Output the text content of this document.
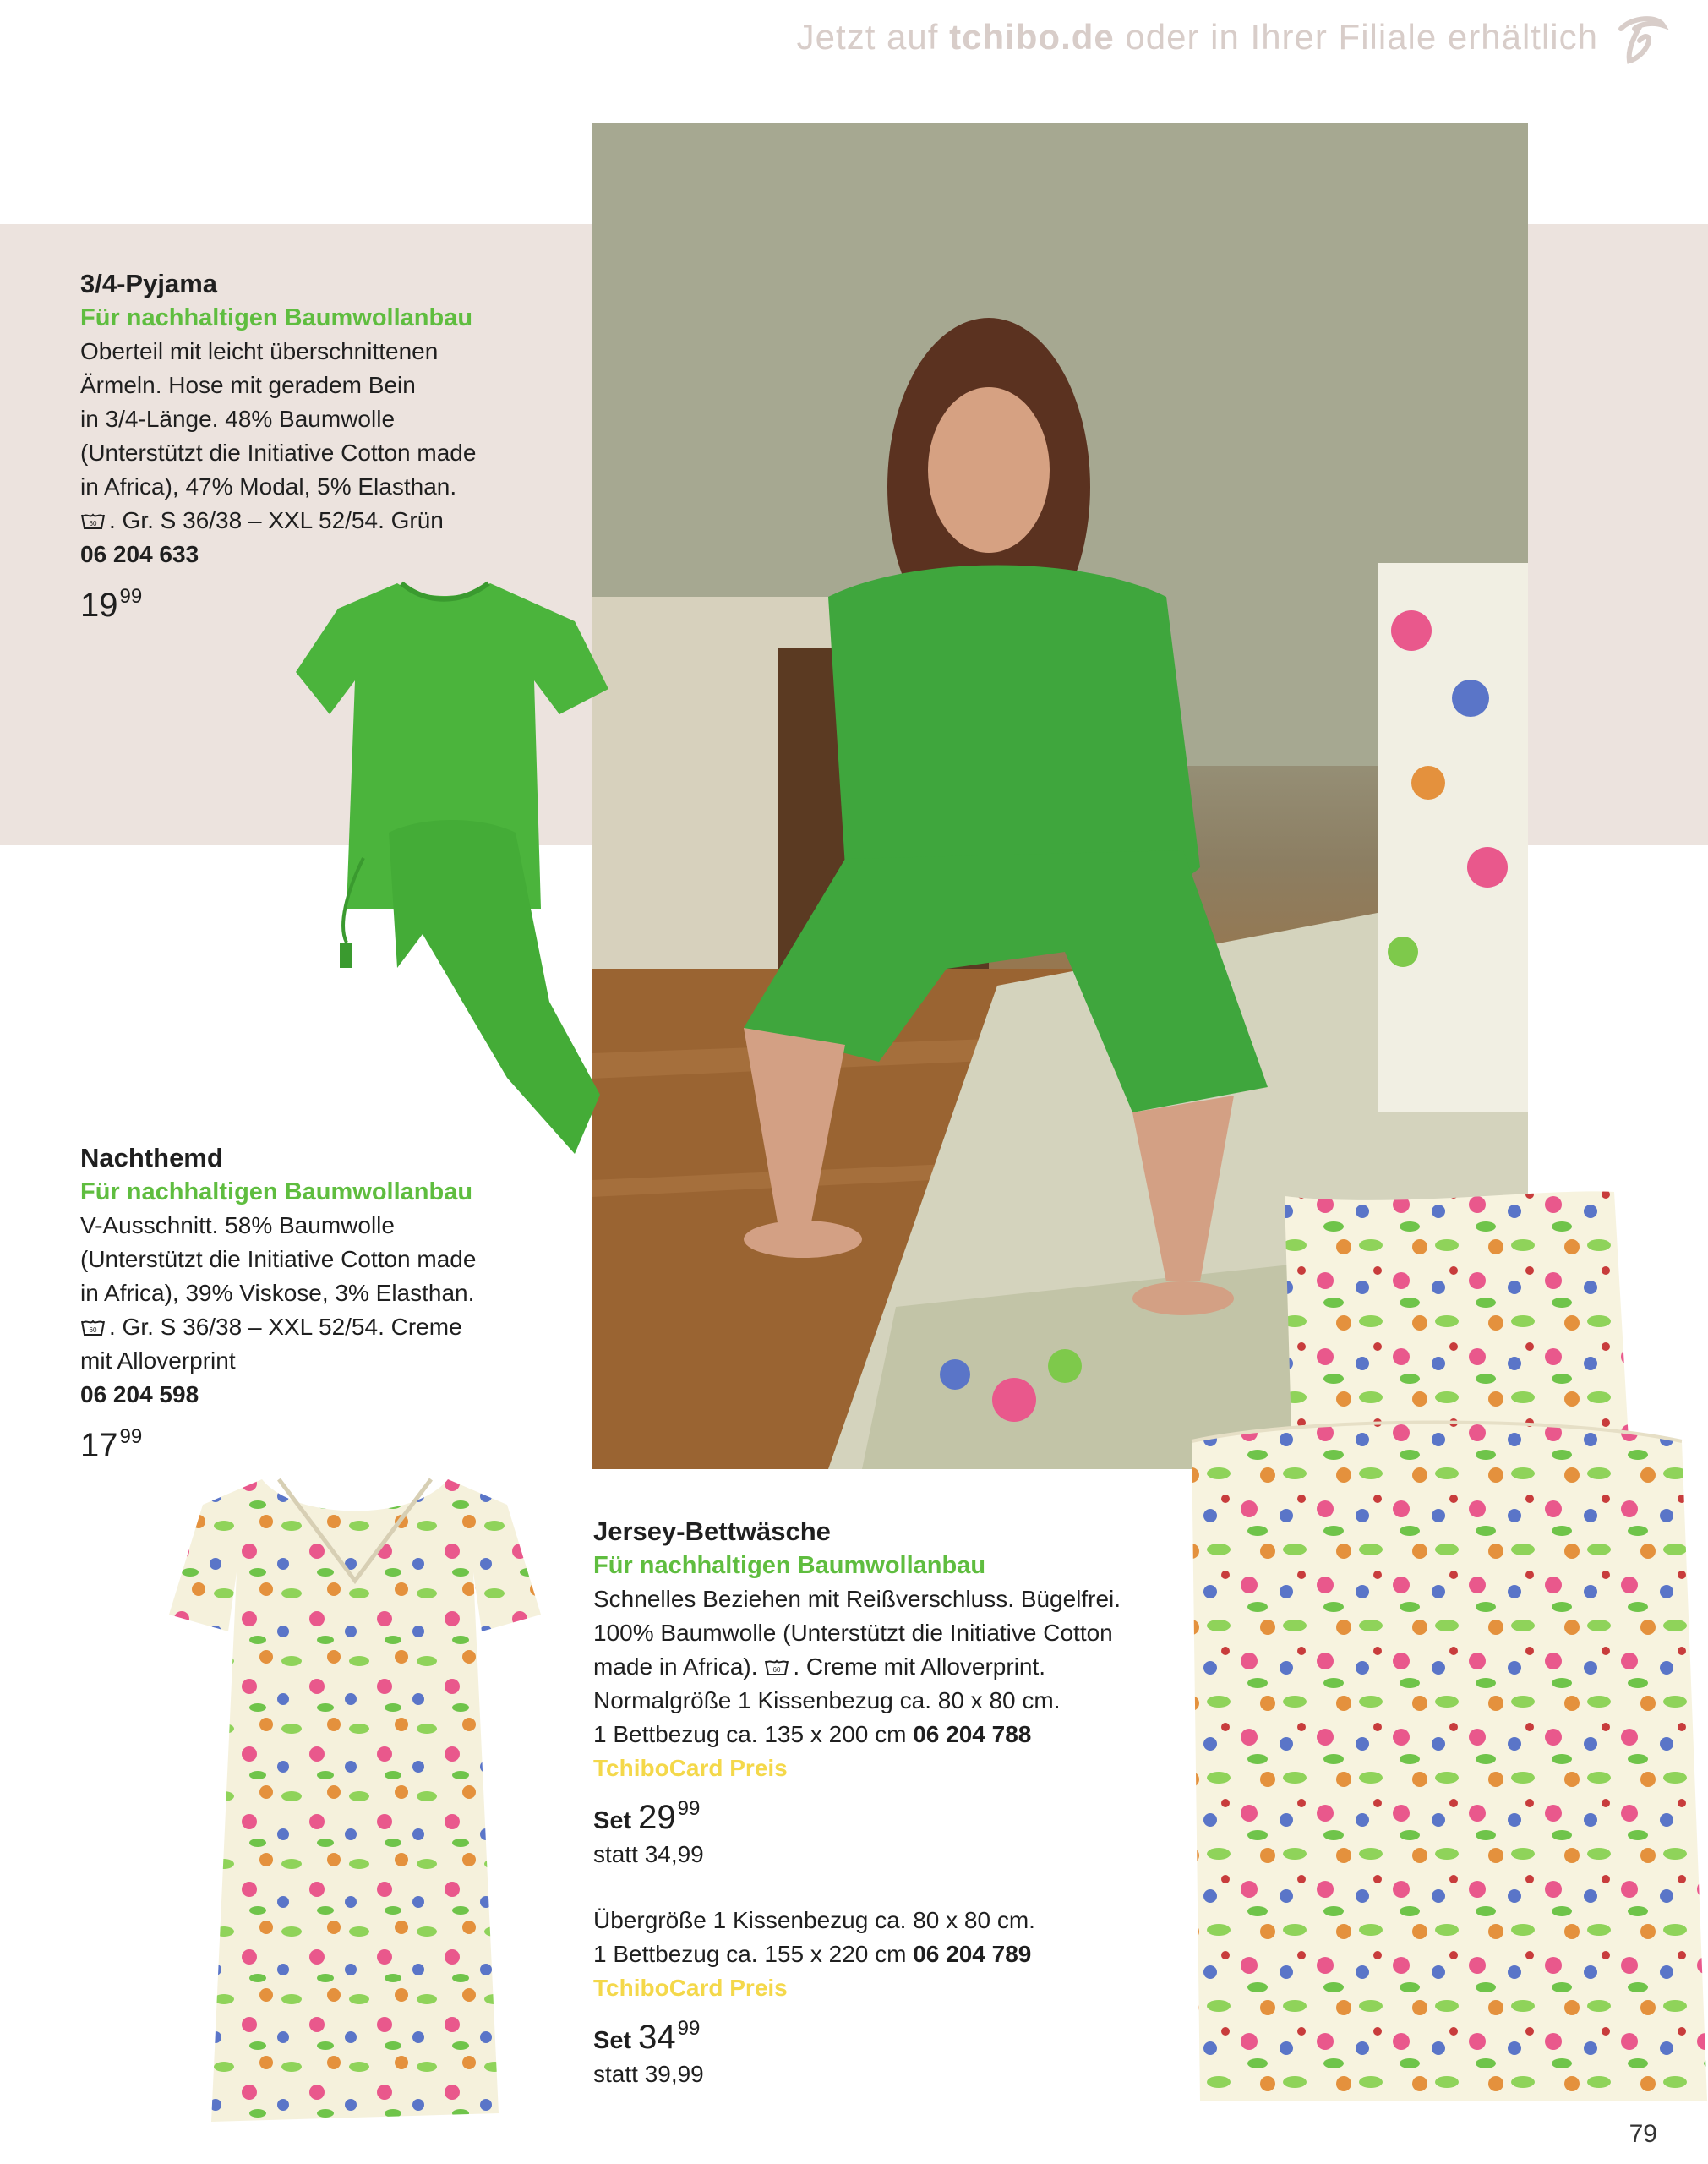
Jetzt auf tchibo.de oder in Ihrer Filiale erhältlich
3/4-Pyjama
Für nachhaltigen Baumwollanbau
Oberteil mit leicht überschnittenen
Ärmeln. Hose mit geradem Bein
in 3/4-Länge. 48% Baumwolle
(Unterstützt die Initiative Cotton made
in Africa), 47% Modal, 5% Elasthan.
60 . Gr. S 36/38 – XXL 52/54. Grün
06 204 633
$19^{99}$
Nachthemd
Für nachhaltigen Baumwollanbau
V-Ausschnitt. 58% Baumwolle
(Unterstützt die Initiative Cotton made
in Africa), 39% Viskose, 3% Elasthan.
60 . Gr. S 36/38 – XXL 52/54. Creme
mit Alloverprint
06 204 598
$17^{99}$
Jersey-Bettwäsche
Für nachhaltigen Baumwollanbau
Schnelles Beziehen mit Reißverschluss. Bügelfrei.
100% Baumwolle (Unterstützt die Initiative Cotton
made in Africa). 60 . Creme mit Alloverprint.
Normalgröße 1 Kissenbezug ca. 80 x 80 cm.
1 Bettbezug ca. 135 x 200 cm 06 204 788
TchiboCard Preis
Set $29^{99}$
statt 34,99
Übergröße 1 Kissenbezug ca. 80 x 80 cm.
1 Bettbezug ca. 155 x 220 cm 06 204 789
TchiboCard Preis
Set $34^{99}$
statt 39,99
79
